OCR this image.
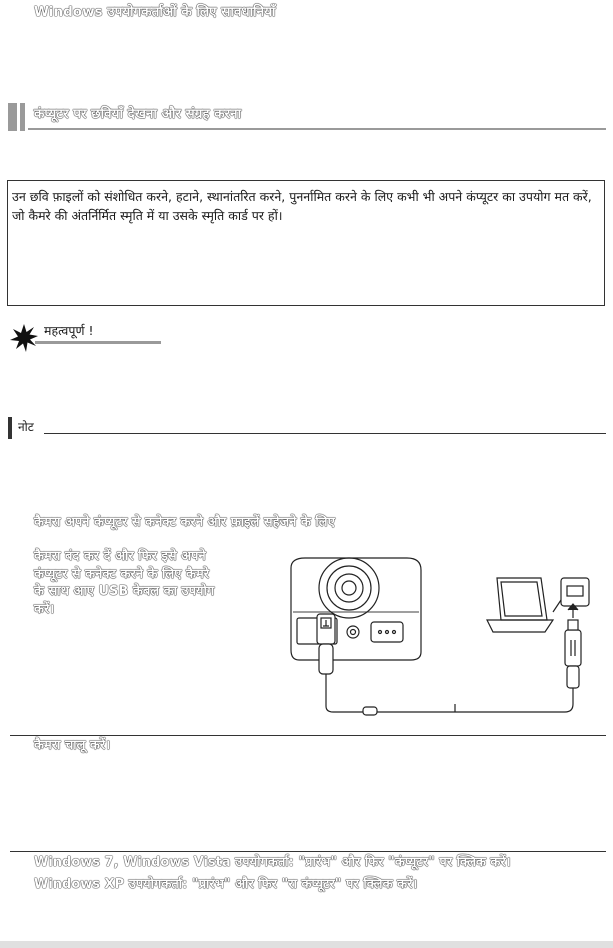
Windows उपयोगकर्ताओं के लिए सावधानियाँ
कंप्यूटर पर छवियाँ देखना और संग्रह करना
उन छवि फ़ाइलों को संशोधित करने, हटाने, स्थानांतरित करने, पुनर्नामित करने के लिए कभी भी अपने कंप्यूटर का उपयोग मत करें, जो कैमरे की अंतर्निर्मित स्मृति में या उसके स्मृति कार्ड पर हों।
महत्वपूर्ण !
नोट
कैमरा अपने कंप्यूटर से कनेक्ट करने और फ़ाइलें सहेजने के लिए
कैमरा बंद कर दें और फिर इसे अपने
कंप्यूटर से कनेक्ट करने के लिए कैमरे
के साथ आए USB केबल का उपयोग
करें।
कैमरा चालू करें।
Windows 7, Windows Vista उपयोगकर्ता: "प्रारंभ" और फिर "कंप्यूटर" पर क्लिक करें।
Windows XP उपयोगकर्ता: "प्रारंभ" और फिर "रा कंप्यूटर" पर क्लिक करें।
